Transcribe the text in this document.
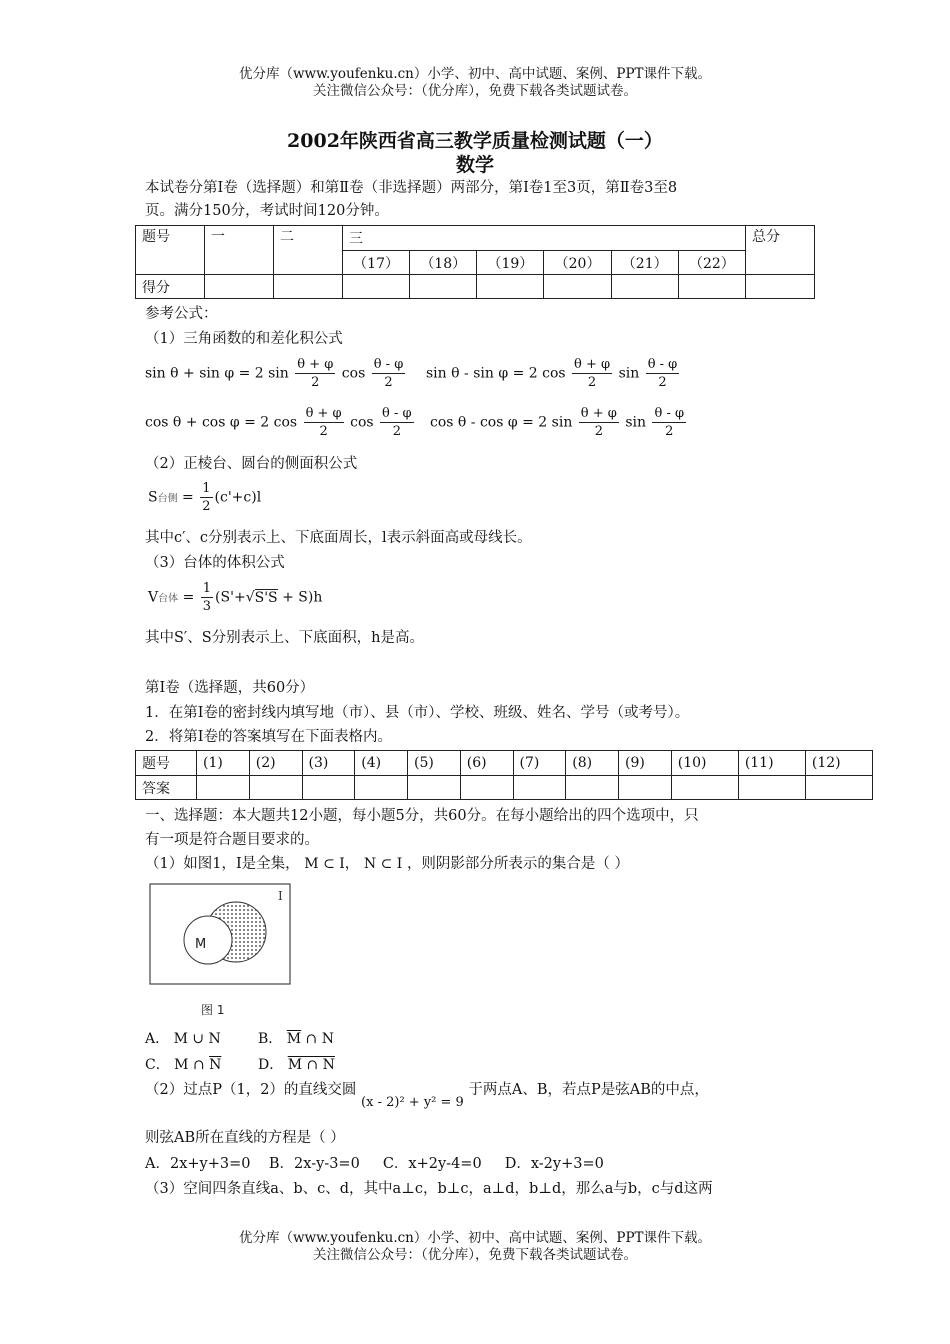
优分库（www.youfenku.cn）小学、初中、高中试题、案例、PPT课件下载。
关注微信公众号：（优分库），免费下载各类试题试卷。
2002年陕西省高三教学质量检测试题（一）
数学
本试卷分第Ⅰ卷（选择题）和第Ⅱ卷（非选择题）两部分，第Ⅰ卷1至3页，第Ⅱ卷3至8
页。满分150分，考试时间120分钟。
题号	一	二	三						总分
			（17）	（18）	（19）	（20）	（21）	（22）	
得分									
参考公式：
（1）三角函数的和差化积公式
sin θ + sin φ = 2 $\sin \frac{\theta + \varphi}{2}$ $\cos \frac{\theta - \varphi}{2}$ sin θ - sin φ = 2 $\cos \frac{\theta + \varphi}{2}$ $\sin \frac{\theta - \varphi}{2}$
cos θ + cos φ = 2 $\cos \frac{\theta + \varphi}{2}$ $\cos \frac{\theta - \varphi}{2}$ cos θ - cos φ = 2 $\sin \frac{\theta + \varphi}{2}$ $\sin \frac{\theta - \varphi}{2}$
（2）正棱台、圆台的侧面积公式
S台侧 = $\frac{1}{2} (c'+c)l$
其中c′、c分别表示上、下底面周长，l表示斜面高或母线长。
（3）台体的体积公式
V台体 = $\frac{1}{3} (S'+√S'S + S)h$
其中S′、S分别表示上、下底面积，h是高。
第Ⅰ卷（选择题，共60分）
1．在第Ⅰ卷的密封线内填写地（市）、县（市）、学校、班级、姓名、学号（或考号）。
2．将第Ⅰ卷的答案填写在下面表格内。
题号	(1)	(2)	(3)	(4)	(5)	(6)	(7)	(8)	(9)	(10)	(11)	(12)
答案												
一、选择题：本大题共12小题，每小题5分，共60分。在每小题给出的四个选项中，只
有一项是符合题目要求的。
（1）如图1，I是全集， M ⊂ I， N ⊂ I ，则阴影部分所表示的集合是（ ）
I
M
图 1
A． M ∪ N	B． $\overline{M}$ ∩ N
C． M ∩ $\overline{N}$	D． M ∩ N
（2）过点P（1，2）的直线交圆 (x - 2)² + y² = 9 于两点A、B，若点P是弦AB的中点，
则弦AB所在直线的方程是（ ）
A．2x+y+3=0    B．2x-y-3=0     C．x+2y-4=0     D．x-2y+3=0
（3）空间四条直线a、b、c、d，其中a⊥c，b⊥c，a⊥d，b⊥d，那么a与b，c与d这两
优分库（www.youfenku.cn）小学、初中、高中试题、案例、PPT课件下载。
关注微信公众号：（优分库），免费下载各类试题试卷。
